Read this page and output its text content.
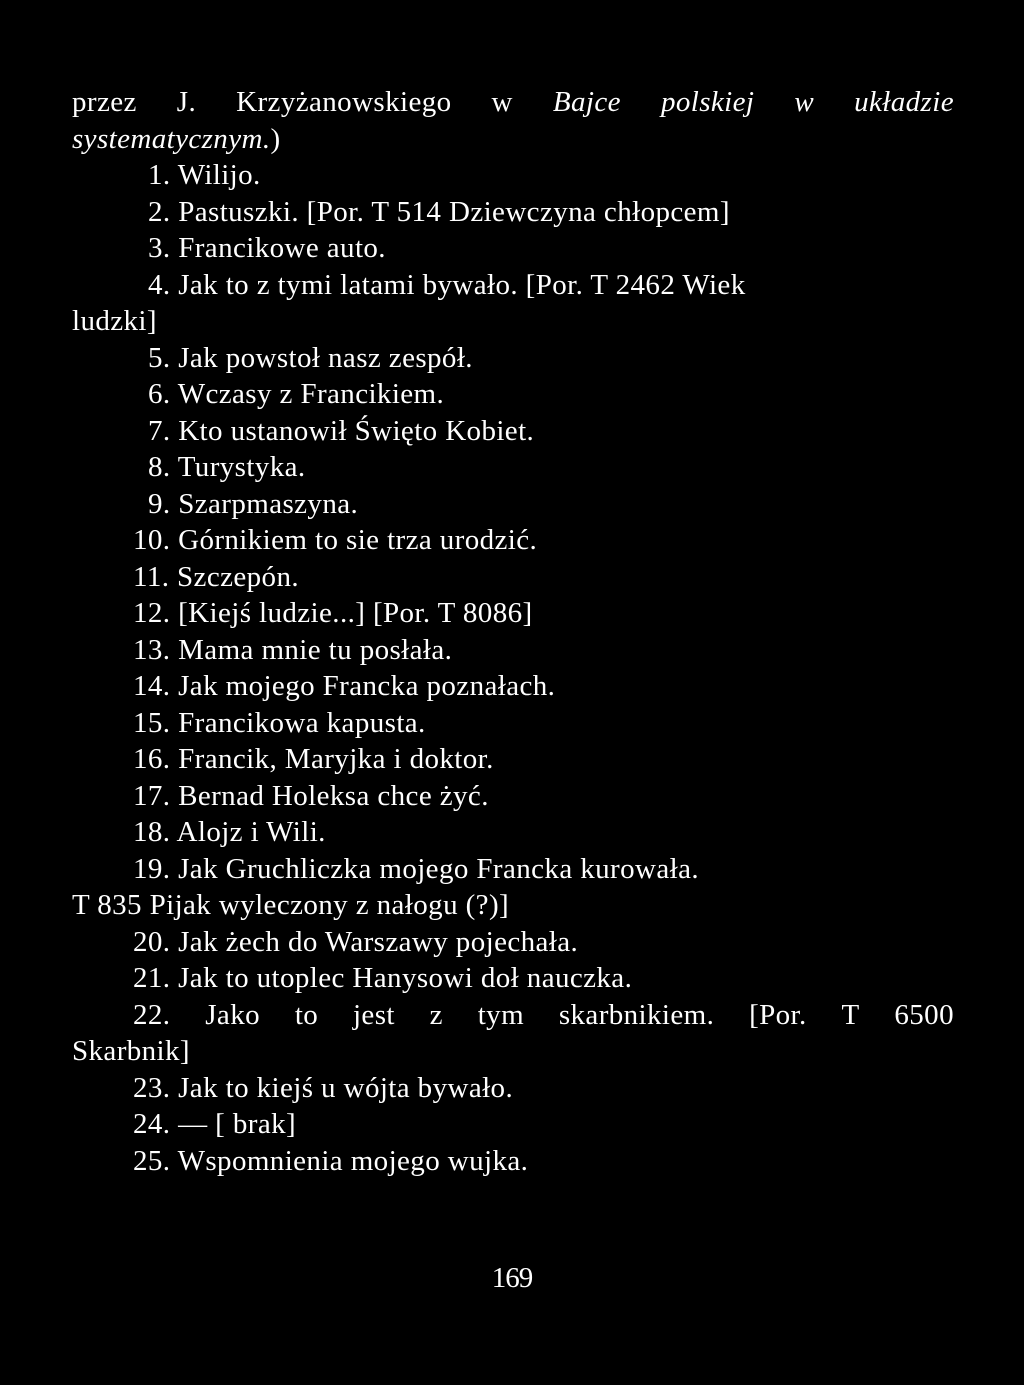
przez J. Krzyżanowskiego w Bajce polskiej w układzie
systematycznym.)
1. Wilijo.
2. Pastuszki. [Por. T 514 Dziewczyna chłopcem]
3. Francikowe auto.
4. Jak to z tymi latami bywało. [Por. T 2462 Wiek
ludzki]
5. Jak powstoł nasz zespół.
6. Wczasy z Francikiem.
7. Kto ustanowił Święto Kobiet.
8. Turystyka.
9. Szarpmaszyna.
10. Górnikiem to sie trza urodzić.
11. Szczepón.
12. [Kiejś ludzie...] [Por. T 8086]
13. Mama mnie tu posłała.
14. Jak mojego Francka poznałach.
15. Francikowa kapusta.
16. Francik, Maryjka i doktor.
17. Bernad Holeksa chce żyć.
18. Alojz i Wili.
19. Jak Gruchliczka mojego Francka kurowała.
T 835 Pijak wyleczony z nałogu (?)]
20. Jak żech do Warszawy pojechała.
21. Jak to utoplec Hanysowi doł nauczka.
22. Jako to jest z tym skarbnikiem. [Por. T 6500
Skarbnik]
23. Jak to kiejś u wójta bywało.
24. — [ brak]
25. Wspomnienia mojego wujka.
169
